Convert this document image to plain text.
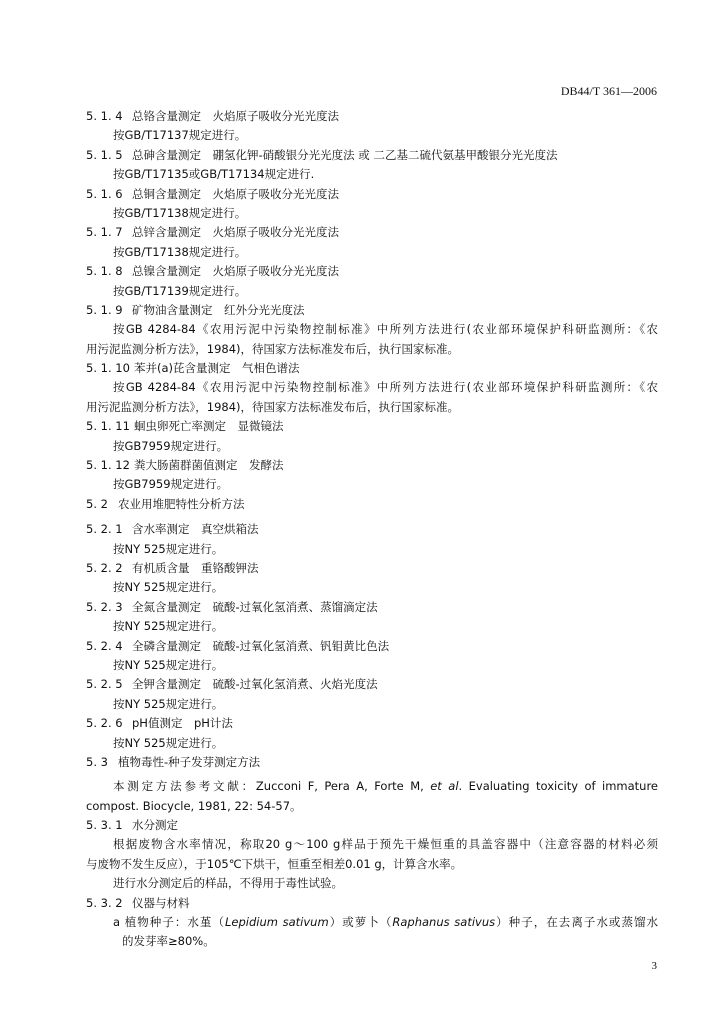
DB44/T 361—2006
5. 1. 4 总铬含量测定　火焰原子吸收分光光度法
按GB/T17137规定进行。
5. 1. 5 总砷含量测定　硼氢化钾-硝酸银分光光度法 或 二乙基二硫代氨基甲酸银分光光度法
按GB/T17135或GB/T17134规定进行.
5. 1. 6 总铜含量测定　火焰原子吸收分光光度法
按GB/T17138规定进行。
5. 1. 7 总锌含量测定　火焰原子吸收分光光度法
按GB/T17138规定进行。
5. 1. 8 总镍含量测定　火焰原子吸收分光光度法
按GB/T17139规定进行。
5. 1. 9 矿物油含量测定　红外分光光度法
按GB 4284-84《农用污泥中污染物控制标准》中所列方法进行(农业部环境保护科研监测所：《农
用污泥监测分析方法》，1984)，待国家方法标准发布后，执行国家标准。
5. 1. 10 苯并(a)芘含量测定　气相色谱法
按GB 4284-84《农用污泥中污染物控制标准》中所列方法进行(农业部环境保护科研监测所：《农
用污泥监测分析方法》，1984)，待国家方法标准发布后，执行国家标准。
5. 1. 11 蛔虫卵死亡率测定　显微镜法
按GB7959规定进行。
5. 1. 12 粪大肠菌群菌值测定　发酵法
按GB7959规定进行。
5. 2 农业用堆肥特性分析方法
5. 2. 1 含水率测定　真空烘箱法
按NY 525规定进行。
5. 2. 2 有机质含量　重铬酸钾法
按NY 525规定进行。
5. 2. 3 全氮含量测定　硫酸-过氧化氢消煮、蒸馏滴定法
按NY 525规定进行。
5. 2. 4 全磷含量测定　硫酸-过氧化氢消煮、钒钼黄比色法
按NY 525规定进行。
5. 2. 5 全钾含量测定　硫酸-过氧化氢消煮、火焰光度法
按NY 525规定进行。
5. 2. 6 pH值测定　pH计法
按NY 525规定进行。
5. 3 植物毒性-种子发芽测定方法
本测定方法参考文献：Zucconi F, Pera A, Forte M, et al. Evaluating toxicity of immature
compost. Biocycle, 1981, 22: 54-57。
5. 3. 1 水分测定
根据废物含水率情况，称取20 g～100 g样品于预先干燥恒重的具盖容器中（注意容器的材料必须
与废物不发生反应），于105℃下烘干，恒重至相差0.01 g，计算含水率。
进行水分测定后的样品，不得用于毒性试验。
5. 3. 2 仪器与材料
a 植物种子：水堇（Lepidium sativum）或萝卜（Raphanus sativus）种子，在去离子水或蒸馏水
的发芽率≥80%。
3
